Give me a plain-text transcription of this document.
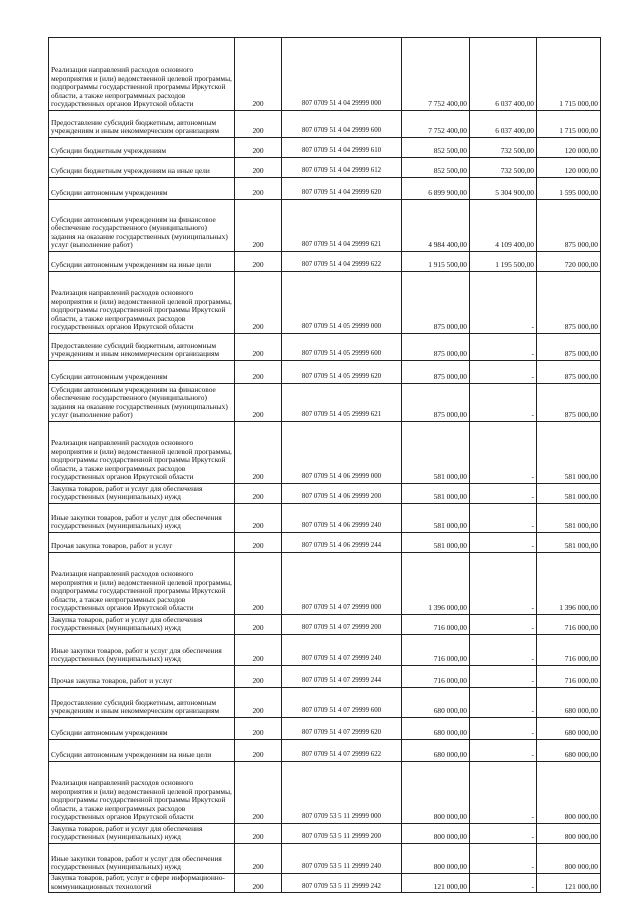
Реализация направлений расходов основного мероприятия и (или) ведомственной целевой программы, подпрограммы государственной программы Иркутской области, а также непрограммных расходов государственных органов Иркутской области	200	807 0709 51 4 04 29999 000	7 752 400,00	6 037 400,00	1 715 000,00
Предоставление субсидий бюджетным, автономным учреждениям и иным некоммерческим организациям	200	807 0709 51 4 04 29999 600	7 752 400,00	6 037 400,00	1 715 000,00
Субсидии бюджетным учреждениям	200	807 0709 51 4 04 29999 610	852 500,00	732 500,00	120 000,00
Субсидии бюджетным учреждениям на иные цели	200	807 0709 51 4 04 29999 612	852 500,00	732 500,00	120 000,00
Субсидии автономным учреждениям	200	807 0709 51 4 04 29999 620	6 899 900,00	5 304 900,00	1 595 000,00
Субсидии автономным учреждениям на финансовое обеспечение государственного (муниципального) задания на оказание государственных (муниципальных) услуг (выполнение работ)	200	807 0709 51 4 04 29999 621	4 984 400,00	4 109 400,00	875 000,00
Субсидии автономным учреждениям на иные цели	200	807 0709 51 4 04 29999 622	1 915 500,00	1 195 500,00	720 000,00
Реализация направлений расходов основного мероприятия и (или) ведомственной целевой программы, подпрограммы государственной программы Иркутской области, а также непрограммных расходов государственных органов Иркутской области	200	807 0709 51 4 05 29999 000	875 000,00	-	875 000,00
Предоставление субсидий бюджетным, автономным учреждениям и иным некоммерческим организациям	200	807 0709 51 4 05 29999 600	875 000,00	-	875 000,00
Субсидии автономным учреждениям	200	807 0709 51 4 05 29999 620	875 000,00	-	875 000,00
Субсидии автономным учреждениям на финансовое обеспечение государственного (муниципального) задания на оказание государственных (муниципальных) услуг (выполнение работ)	200	807 0709 51 4 05 29999 621	875 000,00	-	875 000,00
Реализация направлений расходов основного мероприятия и (или) ведомственной целевой программы, подпрограммы государственной программы Иркутской области, а также непрограммных расходов государственных органов Иркутской области	200	807 0709 51 4 06 29999 000	581 000,00	-	581 000,00
Закупка товаров, работ и услуг для обеспечения государственных (муниципальных) нужд	200	807 0709 51 4 06 29999 200	581 000,00	-	581 000,00
Иные закупки товаров, работ и услуг для обеспечения государственных (муниципальных) нужд	200	807 0709 51 4 06 29999 240	581 000,00	-	581 000,00
Прочая закупка товаров, работ и услуг	200	807 0709 51 4 06 29999 244	581 000,00	-	581 000,00
Реализация направлений расходов основного мероприятия и (или) ведомственной целевой программы, подпрограммы государственной программы Иркутской области, а также непрограммных расходов государственных органов Иркутской области	200	807 0709 51 4 07 29999 000	1 396 000,00	-	1 396 000,00
Закупка товаров, работ и услуг для обеспечения государственных (муниципальных) нужд	200	807 0709 51 4 07 29999 200	716 000,00	-	716 000,00
Иные закупки товаров, работ и услуг для обеспечения государственных (муниципальных) нужд	200	807 0709 51 4 07 29999 240	716 000,00	-	716 000,00
Прочая закупка товаров, работ и услуг	200	807 0709 51 4 07 29999 244	716 000,00	-	716 000,00
Предоставление субсидий бюджетным, автономным учреждениям и иным некоммерческим организациям	200	807 0709 51 4 07 29999 600	680 000,00	-	680 000,00
Субсидии автономным учреждениям	200	807 0709 51 4 07 29999 620	680 000,00	-	680 000,00
Субсидии автономным учреждениям на иные цели	200	807 0709 51 4 07 29999 622	680 000,00	-	680 000,00
Реализация направлений расходов основного мероприятия и (или) ведомственной целевой программы, подпрограммы государственной программы Иркутской области, а также непрограммных расходов государственных органов Иркутской области	200	807 0709 53 5 11 29999 000	800 000,00	-	800 000,00
Закупка товаров, работ и услуг для обеспечения государственных (муниципальных) нужд	200	807 0709 53 5 11 29999 200	800 000,00	-	800 000,00
Иные закупки товаров, работ и услуг для обеспечения государственных (муниципальных) нужд	200	807 0709 53 5 11 29999 240	800 000,00	-	800 000,00
Закупка товаров, работ, услуг в сфере информационно-коммуникационных технологий	200	807 0709 53 5 11 29999 242	121 000,00	-	121 000,00
